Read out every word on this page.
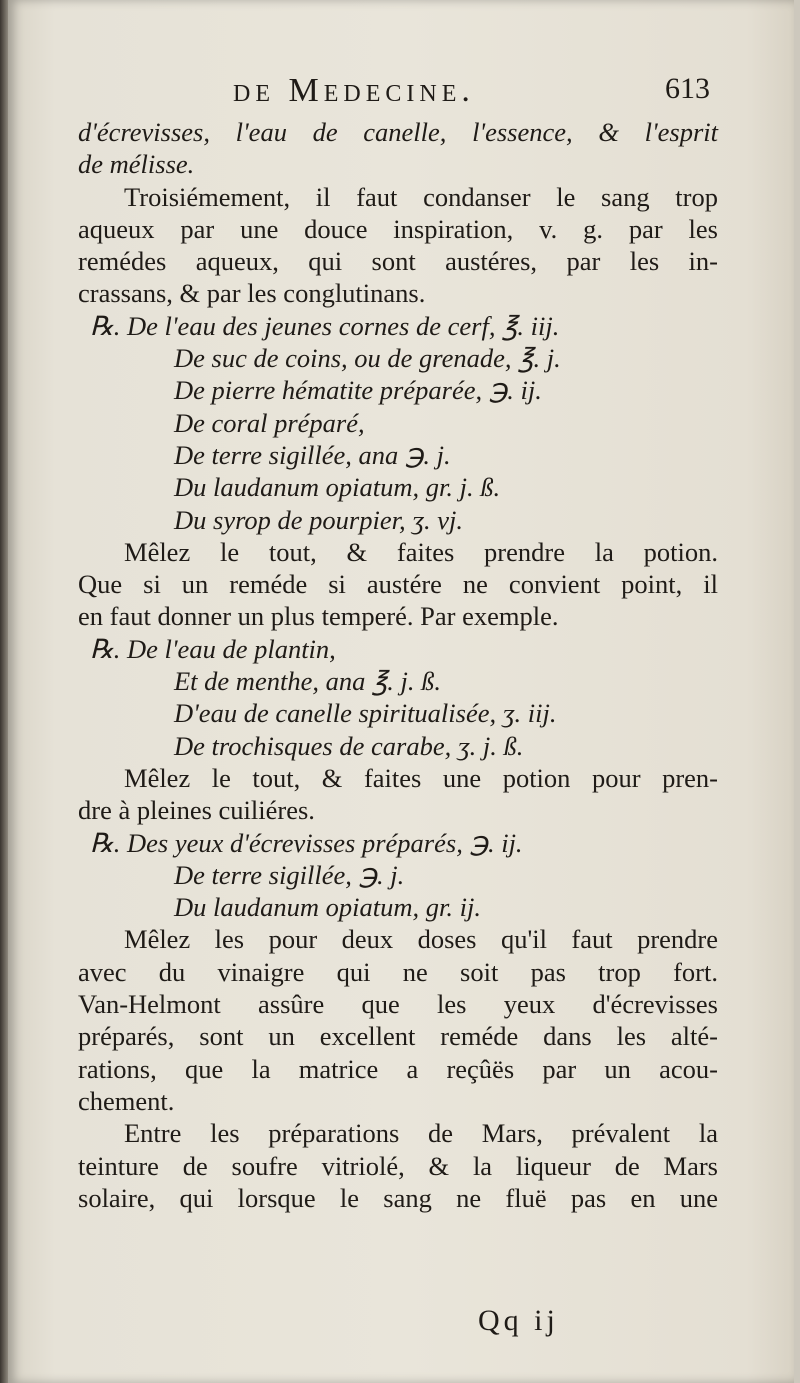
de Medecine.	613
d'écrevisses, l'eau de canelle, l'essence, & l'esprit
de mélisse.
Troisiémement, il faut condanser le sang trop
aqueux par une douce inspiration, v. g. par les
remédes aqueux, qui sont austéres, par les in-
crassans, & par les conglutinans.
℞. De l'eau des jeunes cornes de cerf, ℥. iij.
De suc de coins, ou de grenade, ℥. j.
De pierre hématite préparée, ℈. ij.
De coral préparé,
De terre sigillée, ana ℈. j.
Du laudanum opiatum, gr. j. ß.
Du syrop de pourpier, ʒ. vj.
Mêlez le tout, & faites prendre la potion.
Que si un reméde si austére ne convient point, il
en faut donner un plus temperé. Par exemple.
℞. De l'eau de plantin,
Et de menthe, ana ℥. j. ß.
D'eau de canelle spiritualisée, ʒ. iij.
De trochisques de carabe, ʒ. j. ß.
Mêlez le tout, & faites une potion pour pren-
dre à pleines cuiliéres.
℞. Des yeux d'écrevisses préparés, ℈. ij.
De terre sigillée, ℈. j.
Du laudanum opiatum, gr. ij.
Mêlez les pour deux doses qu'il faut prendre
avec du vinaigre qui ne soit pas trop fort.
Van-Helmont assûre que les yeux d'écrevisses
préparés, sont un excellent reméde dans les alté-
rations, que la matrice a reçûës par un acou-
chement.
Entre les préparations de Mars, prévalent la
teinture de soufre vitriolé, & la liqueur de Mars
solaire, qui lorsque le sang ne fluë pas en une
Qq ij
